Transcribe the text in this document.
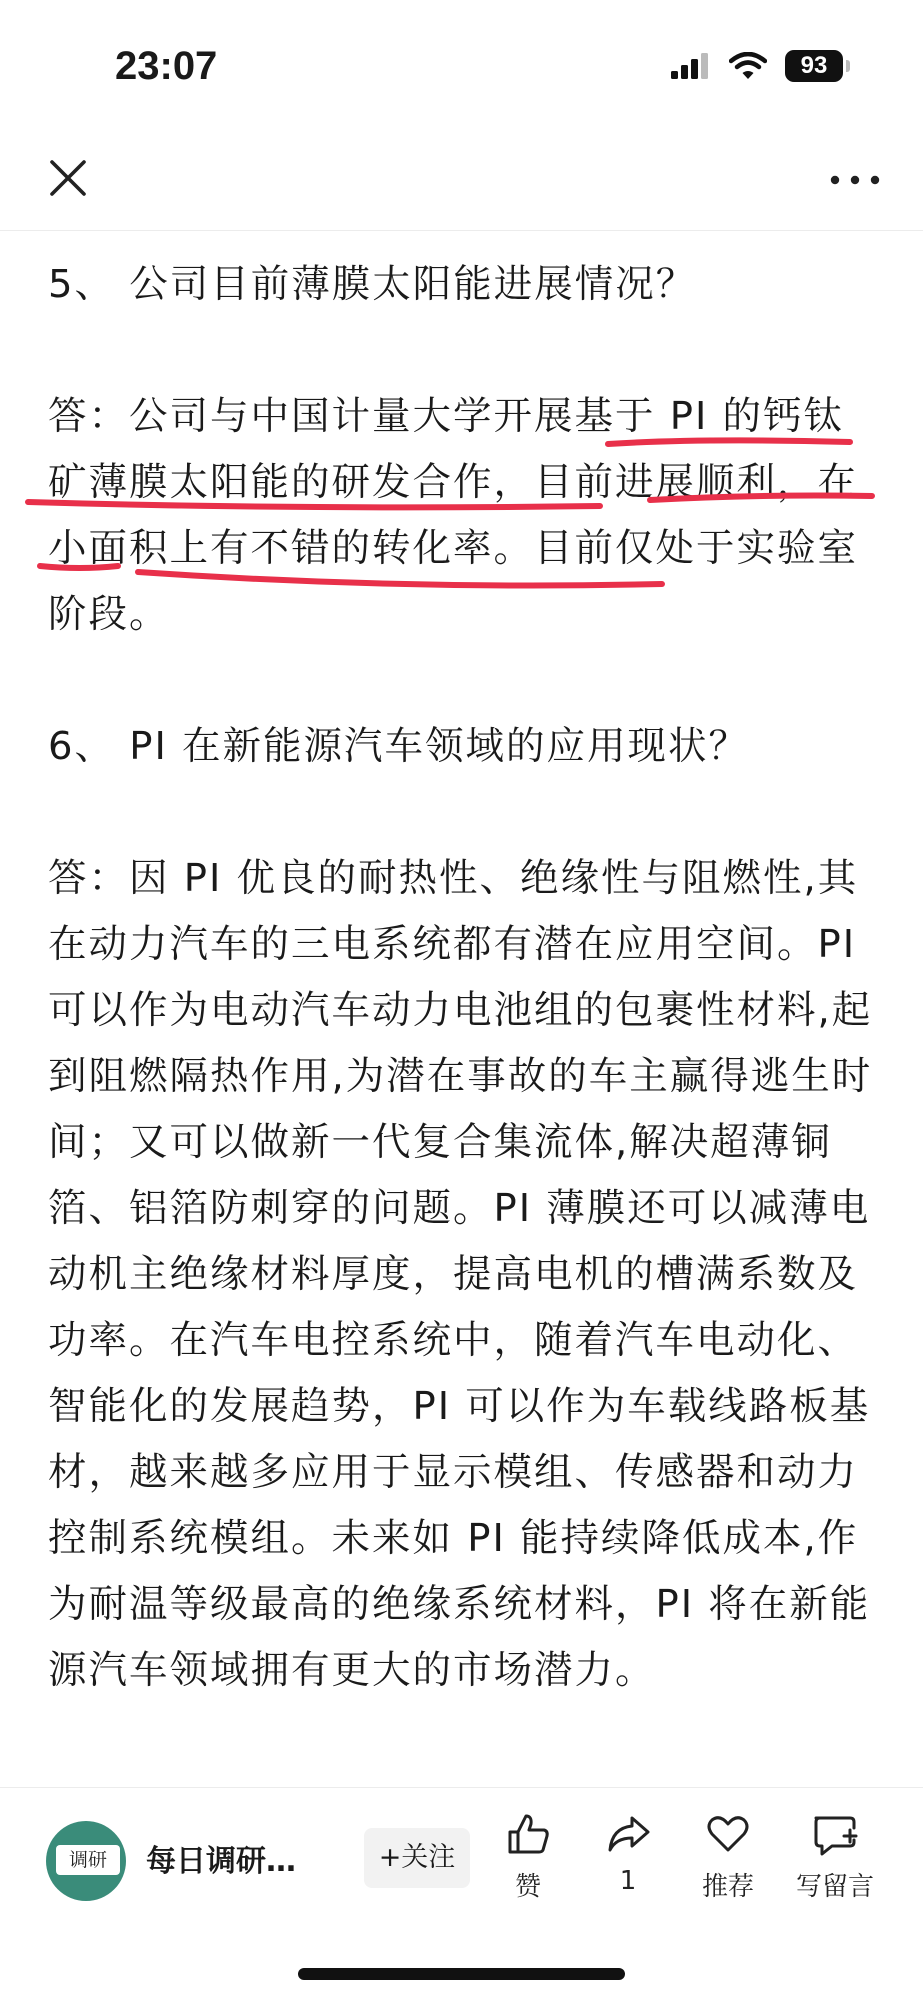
23:07	93

5、 公司目前薄膜太阳能进展情况？

答：公司与中国计量大学开展基于 PI 的钙钛矿薄膜太阳能的研发合作，目前进展顺利，在小面积上有不错的转化率。目前仅处于实验室阶段。

6、 PI 在新能源汽车领域的应用现状？

答：因 PI 优良的耐热性、绝缘性与阻燃性,其在动力汽车的三电系统都有潜在应用空间。PI 可以作为电动汽车动力电池组的包裹性材料,起到阻燃隔热作用,为潜在事故的车主赢得逃生时间；又可以做新一代复合集流体,解决超薄铜箔、铝箔防刺穿的问题。PI 薄膜还可以减薄电动机主绝缘材料厚度，提高电机的槽满系数及功率。在汽车电控系统中，随着汽车电动化、智能化的发展趋势，PI 可以作为车载线路板基材，越来越多应用于显示模组、传感器和动力控制系统模组。未来如 PI 能持续降低成本,作为耐温等级最高的绝缘系统材料，PI 将在新能源汽车领域拥有更大的市场潜力。

调研	每日调研…	+关注
赞	1	推荐	写留言
